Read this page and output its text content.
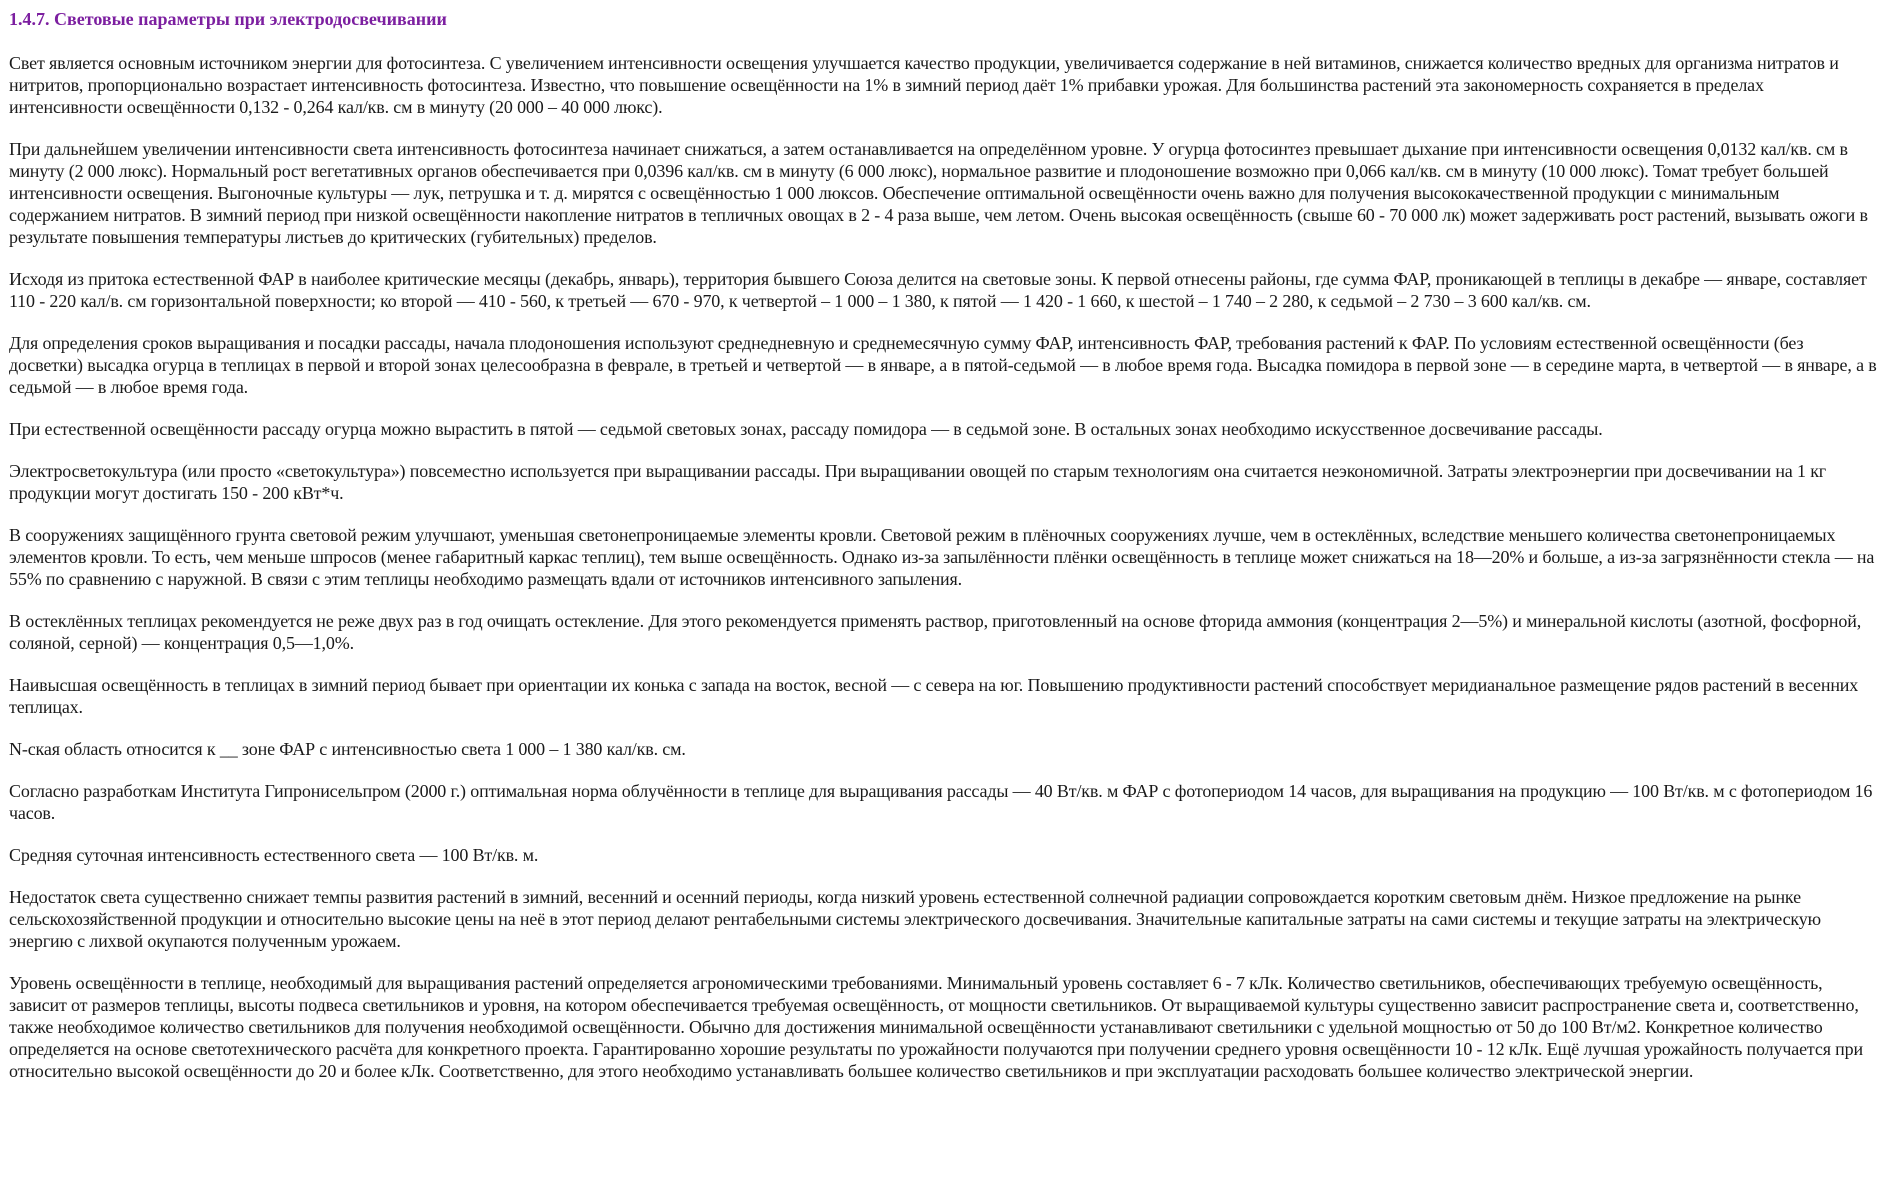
1.4.7. Световые параметры при электродосвечивании

Свет является основным источником энергии для фотосинтеза. С увеличением интенсивности освещения улучшается качество продукции, увеличивается содержание в ней витаминов, снижается количество вредных для организма нитратов и нитритов, пропорционально возрастает интенсивность фотосинтеза. Известно, что повышение освещённости на 1% в зимний период даёт 1% прибавки урожая. Для большинства растений эта закономерность сохраняется в пределах интенсивности освещённости 0,132 - 0,264 кал/кв. см в минуту (20 000 – 40 000 люкс).

При дальнейшем увеличении интенсивности света интенсивность фотосинтеза начинает снижаться, а затем останавливается на определённом уровне. У огурца фотосинтез превышает дыхание при интенсивности освещения 0,0132 кал/кв. см в минуту (2 000 люкс). Нормальный рост вегетативных органов обеспечивается при 0,0396 кал/кв. см в минуту (6 000 люкс), нормальное развитие и плодоношение возможно при 0,066 кал/кв. см в минуту (10 000 люкс). Томат требует большей интенсивности освещения. Выгоночные культуры — лук, петрушка и т. д. мирятся с освещённостью 1 000 люксов. Обеспечение оптимальной освещённости очень важно для получения высококачественной продукции с минимальным содержанием нитратов. В зимний период при низкой освещённости накопление нитратов в тепличных овощах в 2 - 4 раза выше, чем летом. Очень высокая освещённость (свыше 60 - 70 000 лк) может задерживать рост растений, вызывать ожоги в результате повышения температуры листьев до критических (губительных) пределов.

Исходя из притока естественной ФАР в наиболее критические месяцы (декабрь, январь), территория бывшего Союза делится на световые зоны. К первой отнесены районы, где сумма ФАР, проникающей в теплицы в декабре — январе, составляет 110 - 220 кал/в. см горизонтальной поверхности; ко второй — 410 - 560, к третьей — 670 - 970, к четвертой – 1 000 – 1 380, к пятой — 1 420 - 1 660, к шестой – 1 740 – 2 280, к седьмой – 2 730 – 3 600 кал/кв. см.

Для определения сроков выращивания и посадки рассады, начала плодоношения используют среднедневную и среднемесячную сумму ФАР, интенсивность ФАР, требования растений к ФАР. По условиям естественной освещённости (без досветки) высадка огурца в теплицах в первой и второй зонах целесообразна в феврале, в третьей и четвертой — в январе, а в пятой-седьмой — в любое время года. Высадка помидора в первой зоне — в середине марта, в четвертой — в январе, а в седьмой — в любое время года.

При естественной освещённости рассаду огурца можно вырастить в пятой — седьмой световых зонах, рассаду помидора — в седьмой зоне. В остальных зонах необходимо искусственное досвечивание рассады.

Электросветокультура (или просто «светокультура») повсеместно используется при выращивании рассады. При выращивании овощей по старым технологиям она считается неэкономичной. Затраты электроэнергии при досвечивании на 1 кг продукции могут достигать 150 - 200 кВт*ч.

В сооружениях защищённого грунта световой режим улучшают, уменьшая светонепроницаемые элементы кровли. Световой режим в плёночных сооружениях лучше, чем в остеклённых, вследствие меньшего количества светонепроницаемых элементов кровли. То есть, чем меньше шпросов (менее габаритный каркас теплиц), тем выше освещённость. Однако из-за запылённости плёнки освещённость в теплице может снижаться на 18—20% и больше, а из-за загрязнённости стекла — на 55% по сравнению с наружной. В связи с этим теплицы необходимо размещать вдали от источников интенсивного запыления.

В остеклённых теплицах рекомендуется не реже двух раз в год очищать остекление. Для этого рекомендуется применять раствор, приготовленный на основе фторида аммония (концентрация 2—5%) и минеральной кислоты (азотной, фосфорной, соляной, серной) — концентрация 0,5—1,0%.

Наивысшая освещённость в теплицах в зимний период бывает при ориентации их конька с запада на восток, весной — с севера на юг. Повышению продуктивности растений способствует меридианальное размещение рядов растений в весенних теплицах.

N-ская область относится к __ зоне ФАР с интенсивностью света 1 000 – 1 380 кал/кв. см.

Согласно разработкам Института Гипронисельпром (2000 г.) оптимальная норма облучённости в теплице для выращивания рассады — 40 Вт/кв. м ФАР с фотопериодом 14 часов, для выращивания на продукцию — 100 Вт/кв. м с фотопериодом 16 часов.

Средняя суточная интенсивность естественного света — 100 Вт/кв. м.

Недостаток света существенно снижает темпы развития растений в зимний, весенний и осенний периоды, когда низкий уровень естественной солнечной радиации сопровождается коротким световым днём. Низкое предложение на рынке сельскохозяйственной продукции и относительно высокие цены на неё в этот период делают рентабельными системы электрического досвечивания. Значительные капитальные затраты на сами системы и текущие затраты на электрическую энергию с лихвой окупаются полученным урожаем.

Уровень освещённости в теплице, необходимый для выращивания растений определяется агрономическими требованиями. Минимальный уровень составляет 6 - 7 кЛк. Количество светильников, обеспечивающих требуемую освещённость, зависит от размеров теплицы, высоты подвеса светильников и уровня, на котором обеспечивается требуемая освещённость, от мощности светильников. От выращиваемой культуры существенно зависит распространение света и, соответственно, также необходимое количество светильников для получения необходимой освещённости. Обычно для достижения минимальной освещённости устанавливают светильники с удельной мощностью от 50 до 100 Вт/м2. Конкретное количество определяется на основе светотехнического расчёта для конкретного проекта. Гарантированно хорошие результаты по урожайности получаются при получении среднего уровня освещённости 10 - 12 кЛк. Ещё лучшая урожайность получается при относительно высокой освещённости до 20 и более кЛк. Соответственно, для этого необходимо устанавливать большее количество светильников и при эксплуатации расходовать большее количество электрической энергии.
